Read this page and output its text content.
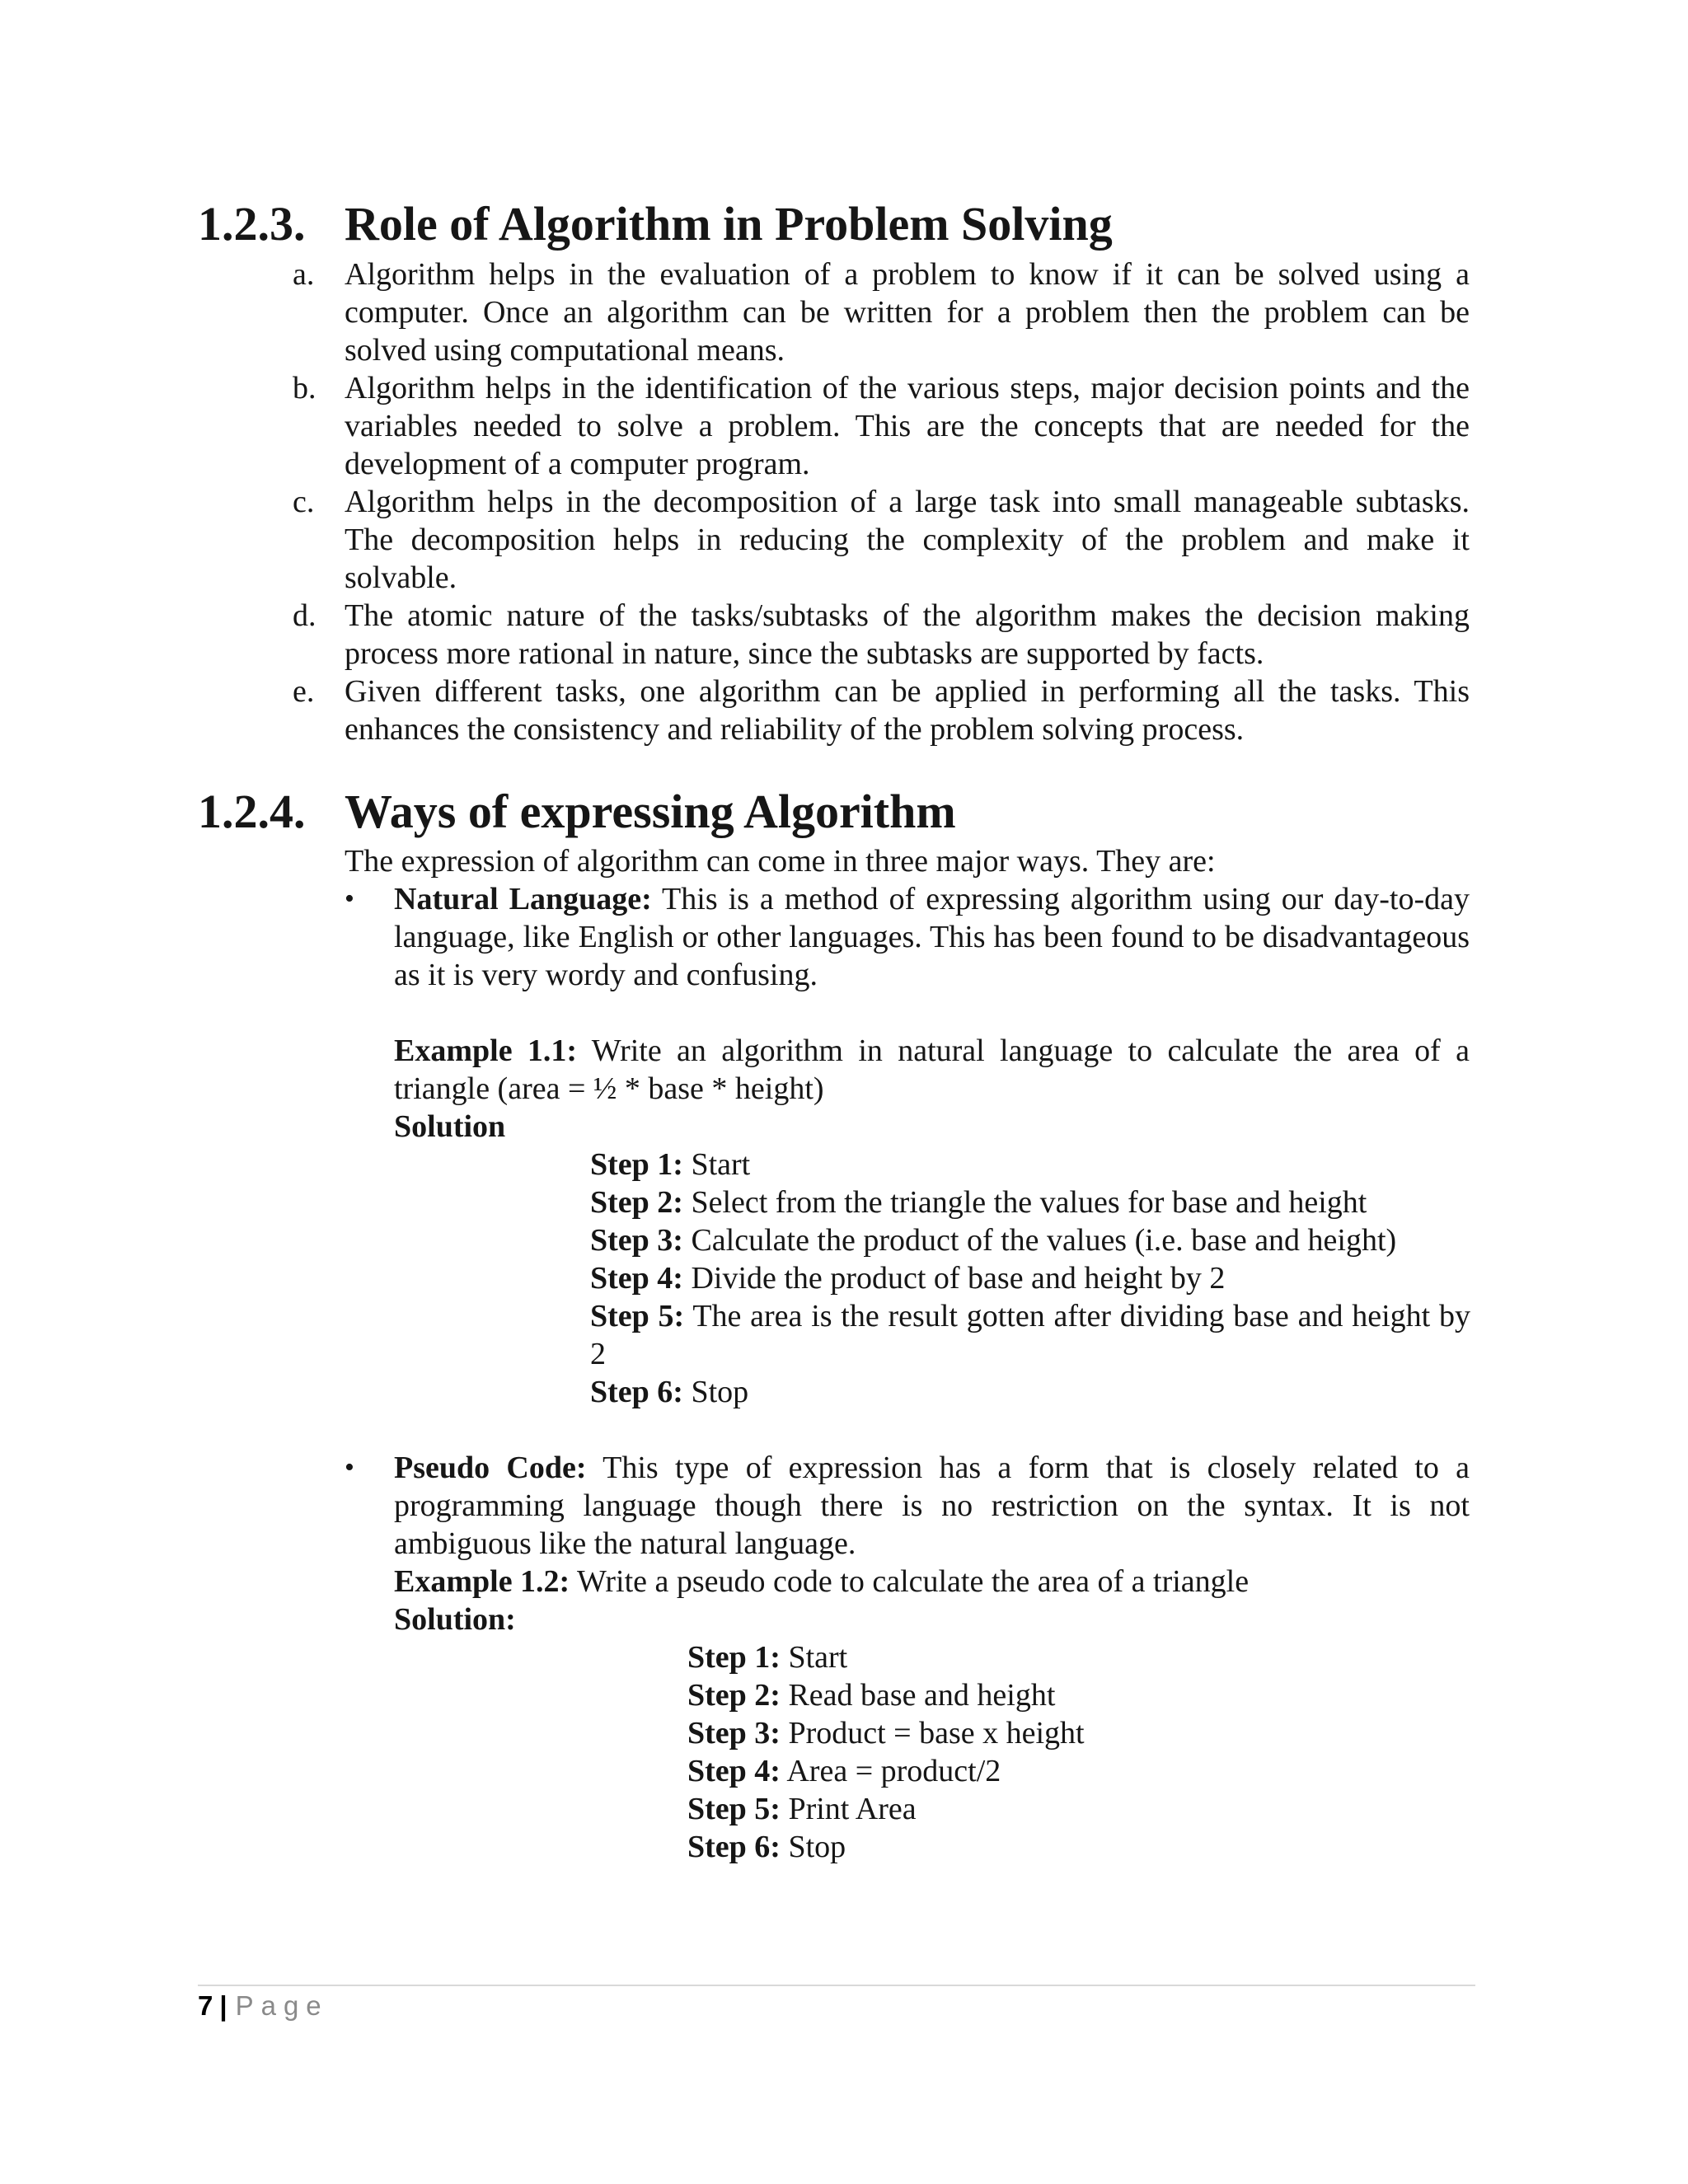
1.2.3. Role of Algorithm in Problem Solving
a. Algorithm helps in the evaluation of a problem to know if it can be solved using a computer. Once an algorithm can be written for a problem then the problem can be solved using computational means.

b. Algorithm helps in the identification of the various steps, major decision points and the variables needed to solve a problem. This are the concepts that are needed for the development of a computer program.

c. Algorithm helps in the decomposition of a large task into small manageable subtasks. The decomposition helps in reducing the complexity of the problem and make it solvable.

d. The atomic nature of the tasks/subtasks of the algorithm makes the decision making process more rational in nature, since the subtasks are supported by facts.

e. Given different tasks, one algorithm can be applied in performing all the tasks. This enhances the consistency and reliability of the problem solving process.

1.2.4. Ways of expressing Algorithm

The expression of algorithm can come in three major ways. They are:

• Natural Language: This is a method of expressing algorithm using our day-to-day language, like English or other languages. This has been found to be disadvantageous as it is very wordy and confusing.

Example 1.1: Write an algorithm in natural language to calculate the area of a triangle (area = ½ * base * height)

Solution

Step 1: Start

Step 2: Select from the triangle the values for base and height

Step 3: Calculate the product of the values (i.e. base and height)

Step 4: Divide the product of base and height by 2

Step 5: The area is the result gotten after dividing base and height by 2

Step 6: Stop

• Pseudo Code: This type of expression has a form that is closely related to a programming language though there is no restriction on the syntax. It is not ambiguous like the natural language.

Example 1.2: Write a pseudo code to calculate the area of a triangle

Solution:

Step 1: Start

Step 2: Read base and height

Step 3: Product = base x height

Step 4: Area = product/2

Step 5: Print Area

Step 6: Stop

7 | Page
